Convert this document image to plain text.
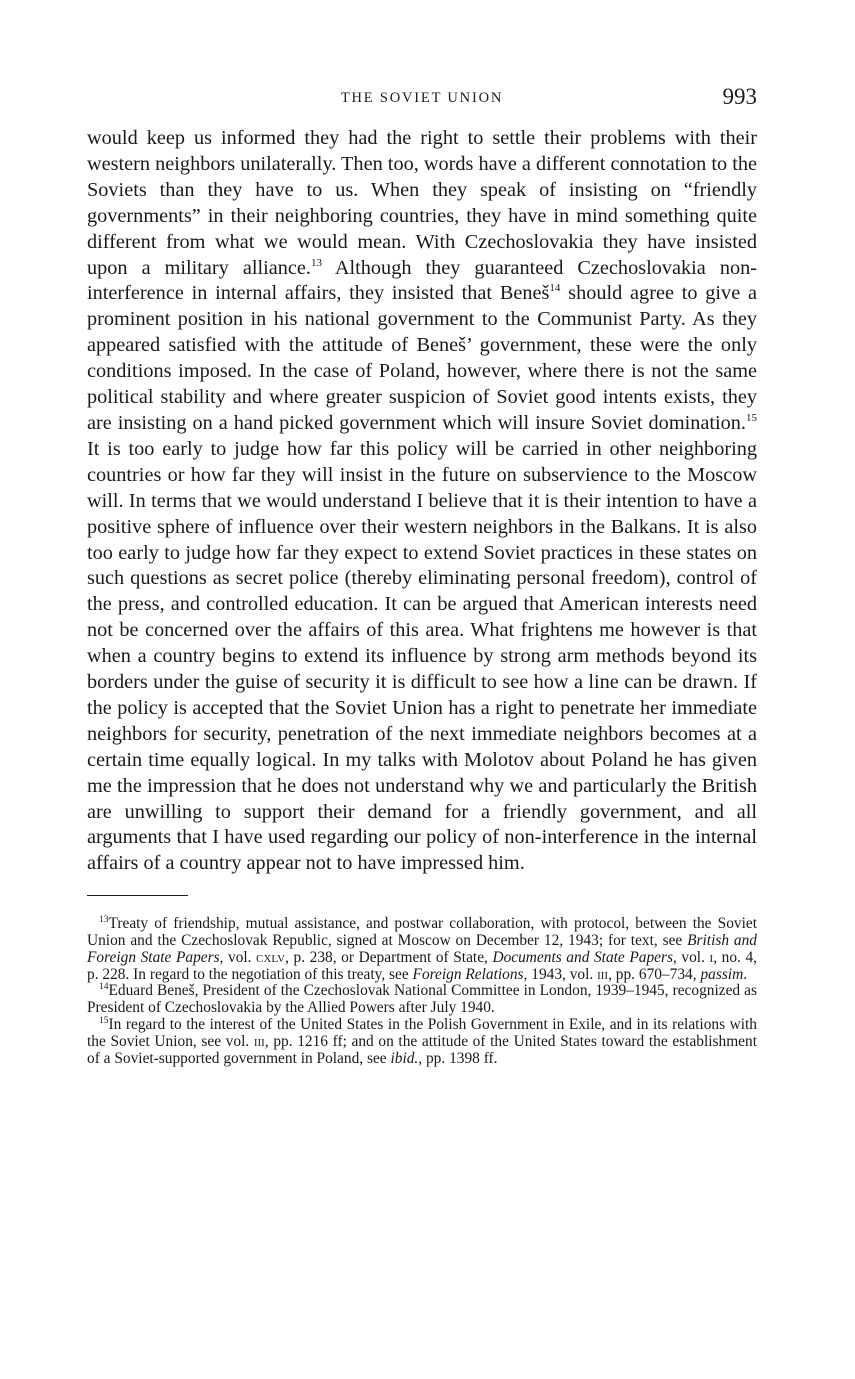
THE SOVIET UNION	993

would keep us informed they had the right to settle their problems with their western neighbors unilaterally. Then too, words have a different connotation to the Soviets than they have to us. When they speak of insisting on “friendly governments” in their neighboring countries, they have in mind something quite different from what we would mean. With Czechoslovakia they have insisted upon a military alliance.$^{13}$ Although they guaranteed Czechoslovakia non-interference in internal affairs, they insisted that Beneš$^{14}$ should agree to give a prominent position in his national government to the Communist Party. As they appeared satisfied with the attitude of Beneš’ government, these were the only conditions imposed. In the case of Poland, however, where there is not the same political stability and where greater suspicion of Soviet good intents exists, they are insisting on a hand picked government which will insure Soviet domination.$^{15}$ It is too early to judge how far this policy will be carried in other neighboring countries or how far they will insist in the future on subservience to the Moscow will. In terms that we would understand I believe that it is their intention to have a positive sphere of influence over their western neighbors in the Balkans. It is also too early to judge how far they expect to extend Soviet practices in these states on such questions as secret police (thereby eliminating personal freedom), control of the press, and controlled education. It can be argued that American interests need not be concerned over the affairs of this area. What frightens me however is that when a country begins to extend its influence by strong arm methods beyond its borders under the guise of security it is difficult to see how a line can be drawn. If the policy is accepted that the Soviet Union has a right to penetrate her immediate neighbors for security, penetration of the next immediate neighbors becomes at a certain time equally logical. In my talks with Molotov about Poland he has given me the impression that he does not understand why we and particularly the British are unwilling to support their demand for a friendly government, and all arguments that I have used regarding our policy of non-interference in the internal affairs of a country appear not to have impressed him.

$^{13}$Treaty of friendship, mutual assistance, and postwar collaboration, with protocol, between the Soviet Union and the Czechoslovak Republic, signed at Moscow on December 12, 1943; for text, see British and Foreign State Papers, vol. cxlv, p. 238, or Department of State, Documents and State Papers, vol. i, no. 4, p. 228. In regard to the negotiation of this treaty, see Foreign Relations, 1943, vol. iii, pp. 670–734, passim.

$^{14}$Eduard Beneš, President of the Czechoslovak National Committee in London, 1939–1945, recognized as President of Czechoslovakia by the Allied Powers after July 1940.

$^{15}$In regard to the interest of the United States in the Polish Government in Exile, and in its relations with the Soviet Union, see vol. iii, pp. 1216 ff; and on the attitude of the United States toward the establishment of a Soviet-supported government in Poland, see ibid., pp. 1398 ff.
